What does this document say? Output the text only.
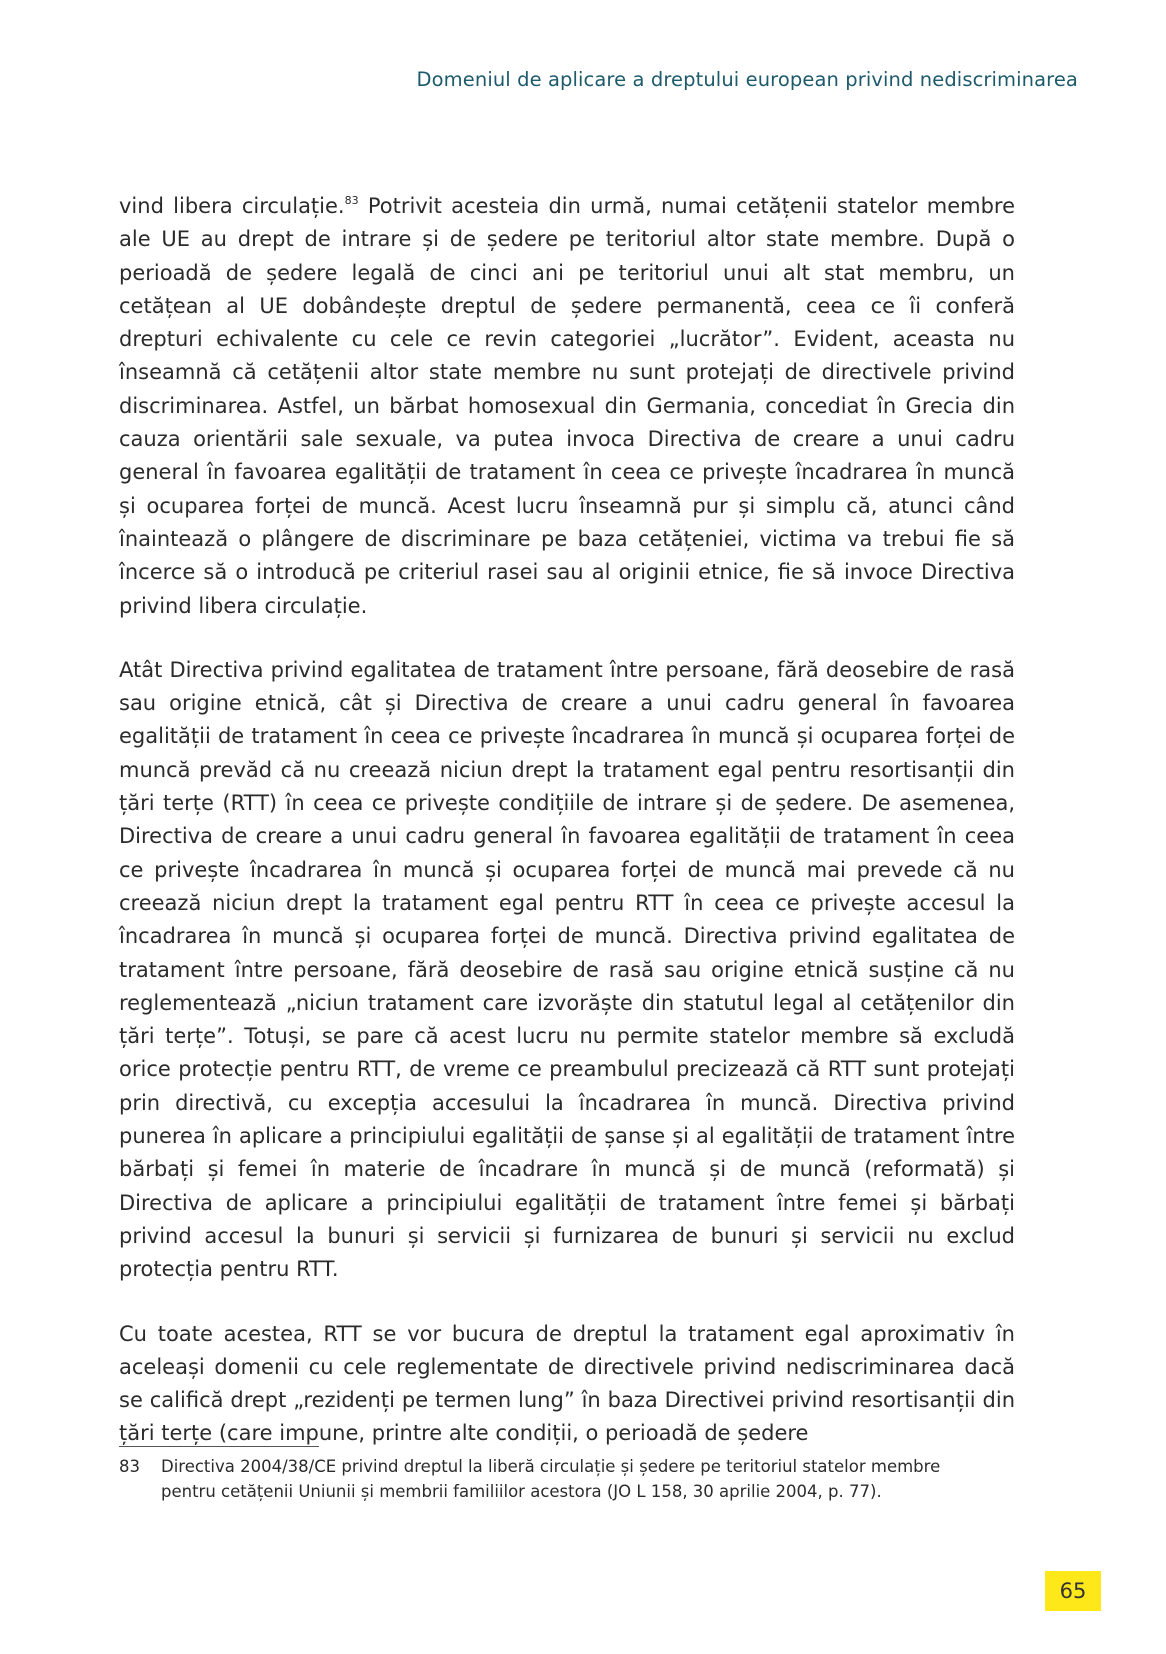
Domeniul de aplicare a dreptului european privind nediscriminarea

vind libera circulație.$^{83}$ Potrivit acesteia din urmă, numai cetățenii statelor membre ale UE au drept de intrare și de ședere pe teritoriul altor state membre. După o perioadă de ședere legală de cinci ani pe teritoriul unui alt stat membru, un cetățean al UE dobândește dreptul de ședere permanentă, ceea ce îi conferă drepturi echivalente cu cele ce revin categoriei „lucrător”. Evident, aceasta nu înseamnă că cetățenii altor state membre nu sunt protejați de directivele privind discriminarea. Astfel, un bărbat homosexual din Germania, concediat în Grecia din cauza orientării sale sexuale, va putea invoca Directiva de creare a unui cadru general în favoarea egalității de tratament în ceea ce privește încadrarea în muncă și ocuparea forței de muncă. Acest lucru înseamnă pur și simplu că, atunci când înaintează o plângere de discriminare pe baza cetățeniei, victima va trebui fie să încerce să o introducă pe criteriul rasei sau al originii etnice, fie să invoce Directiva privind libera circulație.

Atât Directiva privind egalitatea de tratament între persoane, fără deosebire de rasă sau origine etnică, cât și Directiva de creare a unui cadru general în favoarea egalității de tratament în ceea ce privește încadrarea în muncă și ocuparea forței de muncă prevăd că nu creează niciun drept la tratament egal pentru resortisanții din țări terțe (RTT) în ceea ce privește condițiile de intrare și de ședere. De asemenea, Directiva de creare a unui cadru general în favoarea egalității de tratament în ceea ce privește încadrarea în muncă și ocuparea forței de muncă mai prevede că nu creează niciun drept la tratament egal pentru RTT în ceea ce privește accesul la încadrarea în muncă și ocuparea forței de muncă. Directiva privind egalitatea de tratament între persoane, fără deosebire de rasă sau origine etnică susține că nu reglementează „niciun tratament care izvorăște din statutul legal al cetățenilor din țări terțe”. Totuși, se pare că acest lucru nu permite statelor membre să excludă orice protecție pentru RTT, de vreme ce preambulul precizează că RTT sunt protejați prin directivă, cu excepția accesului la încadrarea în muncă. Directiva privind punerea în aplicare a principiului egalității de șanse și al egalității de tratament între bărbați și femei în materie de încadrare în muncă și de muncă (reformată) și Directiva de aplicare a principiului egalității de tratament între femei și bărbați privind accesul la bunuri și servicii și furnizarea de bunuri și servicii nu exclud protecția pentru RTT.

Cu toate acestea, RTT se vor bucura de dreptul la tratament egal aproximativ în aceleași domenii cu cele reglementate de directivele privind nediscriminarea dacă se califică drept „rezidenți pe termen lung” în baza Directivei privind resortisanții din țări terțe (care impune, printre alte condiții, o perioadă de ședere

83	Directiva 2004/38/CE privind dreptul la liberă circulație și ședere pe teritoriul statelor membre pentru cetățenii Uniunii și membrii familiilor acestora (JO L 158, 30 aprilie 2004, p. 77).
65
